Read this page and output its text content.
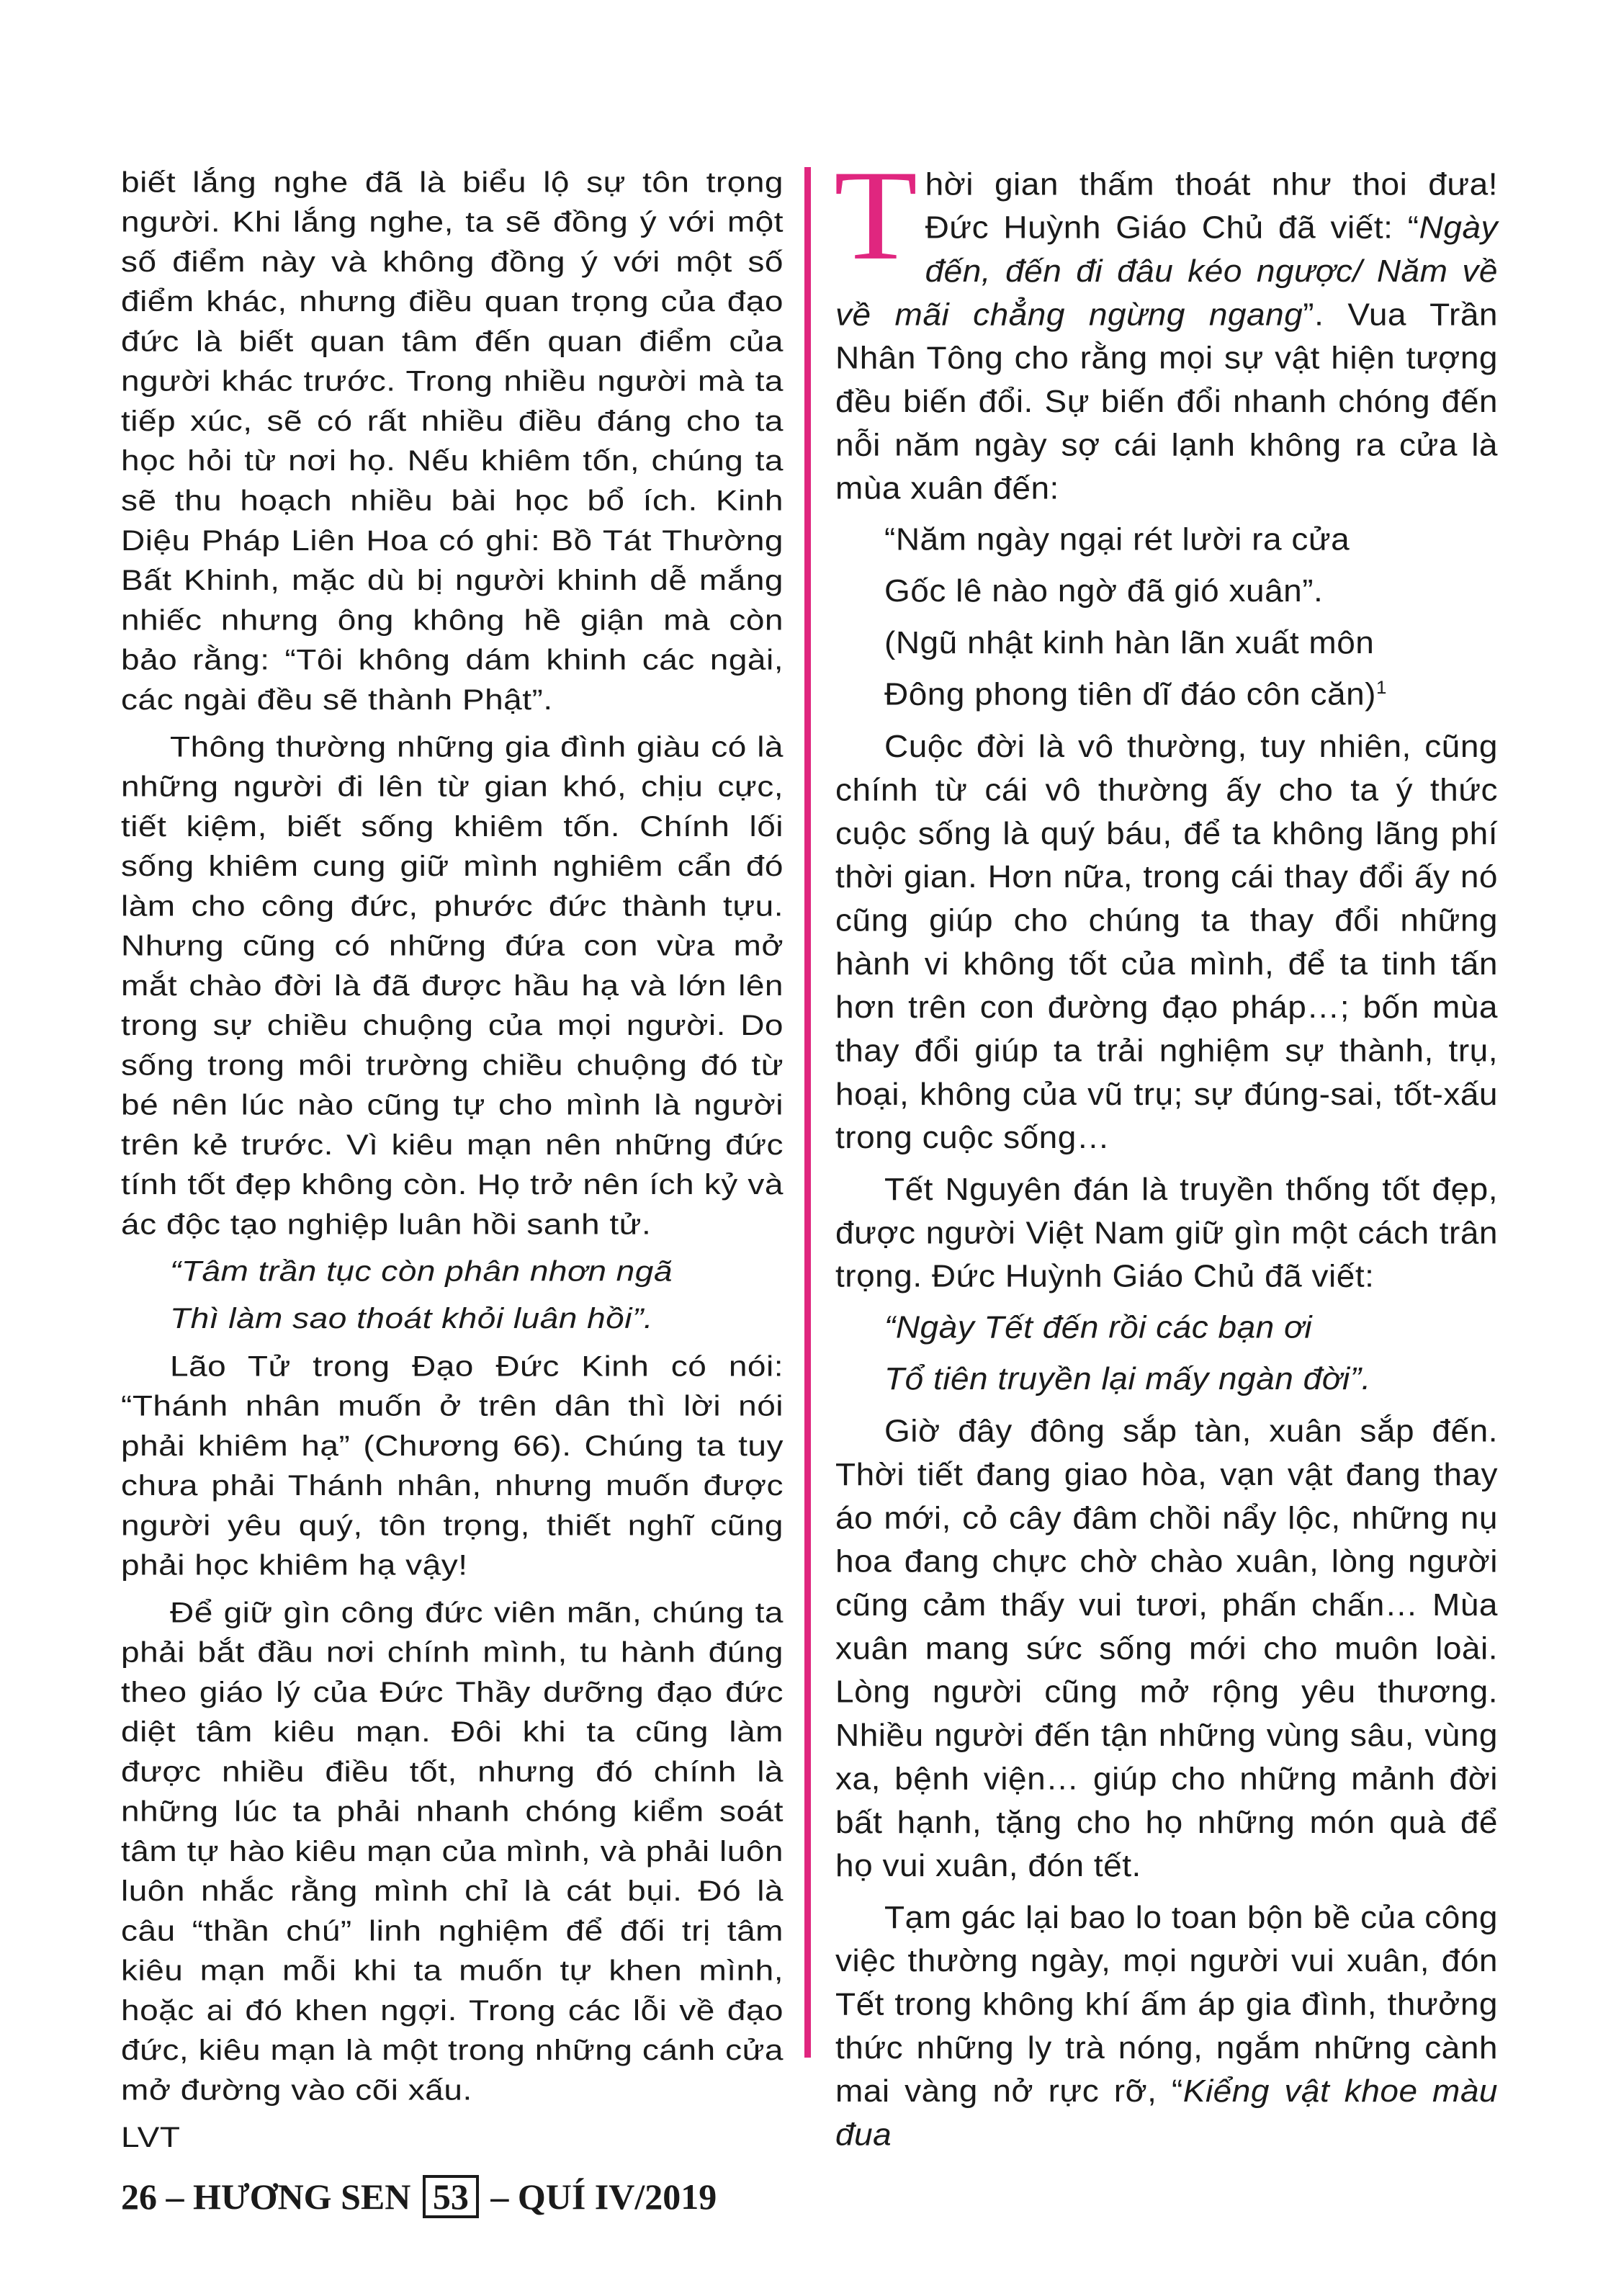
biết lắng nghe đã là biểu lộ sự tôn trọng người. Khi lắng nghe, ta sẽ đồng ý với một số điểm này và không đồng ý với một số điểm khác, nhưng điều quan trọng của đạo đức là biết quan tâm đến quan điểm của người khác trước. Trong nhiều người mà ta tiếp xúc, sẽ có rất nhiều điều đáng cho ta học hỏi từ nơi họ. Nếu khiêm tốn, chúng ta sẽ thu hoạch nhiều bài học bổ ích. Kinh Diệu Pháp Liên Hoa có ghi: Bồ Tát Thường Bất Khinh, mặc dù bị người khinh dễ mắng nhiếc nhưng ông không hề giận mà còn bảo rằng: “Tôi không dám khinh các ngài, các ngài đều sẽ thành Phật”.

Thông thường những gia đình giàu có là những người đi lên từ gian khó, chịu cực, tiết kiệm, biết sống khiêm tốn. Chính lối sống khiêm cung giữ mình nghiêm cẩn đó làm cho công đức, phước đức thành tựu. Nhưng cũng có những đứa con vừa mở mắt chào đời là đã được hầu hạ và lớn lên trong sự chiều chuộng của mọi người. Do sống trong môi trường chiều chuộng đó từ bé nên lúc nào cũng tự cho mình là người trên kẻ trước. Vì kiêu mạn nên những đức tính tốt đẹp không còn. Họ trở nên ích kỷ và ác độc tạo nghiệp luân hồi sanh tử.

“Tâm trần tục còn phân nhơn ngã

Thì làm sao thoát khỏi luân hồi”.

Lão Tử trong Đạo Đức Kinh có nói: “Thánh nhân muốn ở trên dân thì lời nói phải khiêm hạ” (Chương 66). Chúng ta tuy chưa phải Thánh nhân, nhưng muốn được người yêu quý, tôn trọng, thiết nghĩ cũng phải học khiêm hạ vậy!

Để giữ gìn công đức viên mãn, chúng ta phải bắt đầu nơi chính mình, tu hành đúng theo giáo lý của Đức Thầy dưỡng đạo đức diệt tâm kiêu mạn. Đôi khi ta cũng làm được nhiều điều tốt, nhưng đó chính là những lúc ta phải nhanh chóng kiểm soát tâm tự hào kiêu mạn của mình, và phải luôn luôn nhắc rằng mình chỉ là cát bụi. Đó là câu “thần chú” linh nghiệm để đối trị tâm kiêu mạn mỗi khi ta muốn tự khen mình, hoặc ai đó khen ngợi. Trong các lỗi về đạo đức, kiêu mạn là một trong những cánh cửa mở đường vào cõi xấu.

LVT

Thời gian thấm thoát như thoi đưa! Đức Huỳnh Giáo Chủ đã viết: “Ngày đến, đến đi đâu kéo ngược/ Năm về về mãi chẳng ngừng ngang”. Vua Trần Nhân Tông cho rằng mọi sự vật hiện tượng đều biến đổi. Sự biến đổi nhanh chóng đến nỗi năm ngày sợ cái lạnh không ra cửa là mùa xuân đến:

“Năm ngày ngại rét lười ra cửa

Gốc lê nào ngờ đã gió xuân”.

(Ngũ nhật kinh hàn lãn xuất môn

Đông phong tiên dĩ đáo côn căn)$^1$

Cuộc đời là vô thường, tuy nhiên, cũng chính từ cái vô thường ấy cho ta ý thức cuộc sống là quý báu, để ta không lãng phí thời gian. Hơn nữa, trong cái thay đổi ấy nó cũng giúp cho chúng ta thay đổi những hành vi không tốt của mình, để ta tinh tấn hơn trên con đường đạo pháp…; bốn mùa thay đổi giúp ta trải nghiệm sự thành, trụ, hoại, không của vũ trụ; sự đúng-sai, tốt-xấu trong cuộc sống…

Tết Nguyên đán là truyền thống tốt đẹp, được người Việt Nam giữ gìn một cách trân trọng. Đức Huỳnh Giáo Chủ đã viết:

“Ngày Tết đến rồi các bạn ơi

Tổ tiên truyền lại mấy ngàn đời”.

Giờ đây đông sắp tàn, xuân sắp đến. Thời tiết đang giao hòa, vạn vật đang thay áo mới, cỏ cây đâm chồi nẩy lộc, những nụ hoa đang chực chờ chào xuân, lòng người cũng cảm thấy vui tươi, phấn chấn… Mùa xuân mang sức sống mới cho muôn loài. Lòng người cũng mở rộng yêu thương. Nhiều người đến tận những vùng sâu, vùng xa, bệnh viện… giúp cho những mảnh đời bất hạnh, tặng cho họ những món quà để họ vui xuân, đón tết.

Tạm gác lại bao lo toan bộn bề của công việc thường ngày, mọi người vui xuân, đón Tết trong không khí ấm áp gia đình, thưởng thức những ly trà nóng, ngắm những cành mai vàng nở rực rỡ, “Kiểng vật khoe màu đua

26 – HƯƠNG SEN 53 – QUÍ IV/2019
